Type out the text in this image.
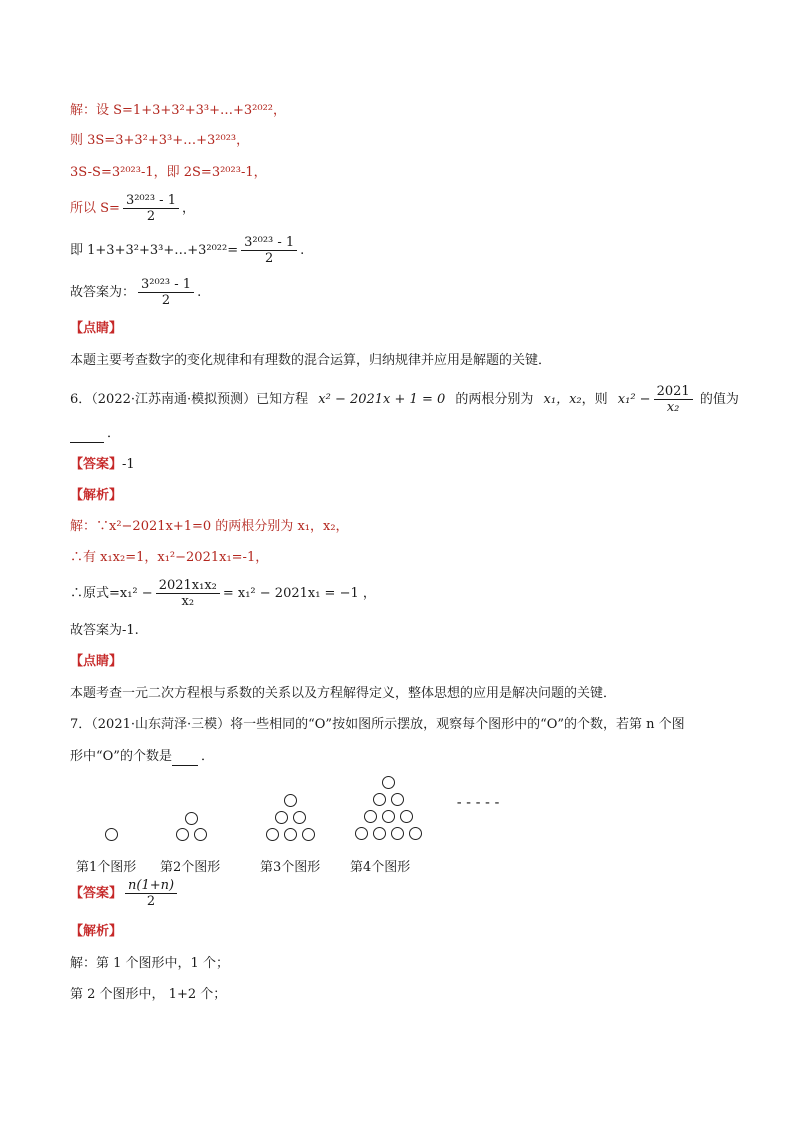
解：设 S=1+3+3²+3³+…+3²⁰²²，
则 3S=3+3²+3³+…+3²⁰²³，
3S-S=3²⁰²³-1，即 2S=3²⁰²³-1，
所以 $S= \frac{\text{3²⁰²³ - 1}}{2}$ ，
即 1+3+3²+3³+…+3²⁰²²= $\frac{\text{3²⁰²³ - 1}}{2}$ .
故答案为： $\frac{\text{3²⁰²³ - 1}}{2}$ .
【点睛】
本题主要考查数字的变化规律和有理数的混合运算，归纳规律并应用是解题的关键．
6．（2022·江苏南通·模拟预测）已知方程 x² − 2021x + 1 = 0 的两根分别为 x₁，x₂，则 $x_1^2 - \frac{2021}{\text{x₂}}$ 的值为
．
【答案】-1
【解析】
解：∵x²−2021x+1=0 的两根分别为 x₁，x₂，
∴有 x₁x₂=1，x₁²−2021x₁=-1，
∴原式$=x_1^2 - \frac{\text{2021x₁x₂}}{\text{x₂}} = x_1^2 - 2021x_1 = -1$ ，
故答案为-1.
【点睛】
本题考查一元二次方程根与系数的关系以及方程解得定义，整体思想的应用是解决问题的关键．
7．（2021·山东菏泽·三模）将一些相同的“O”按如图所示摆放，观察每个图形中的“O”的个数，若第 n 个图
形中“O”的个数是 ．
-----
第1个图形 第2个图形	第3个图形 第4个图形
【答案】 $\frac{n(1+n)}{2}$
【解析】
解：第 1 个图形中，1 个；
第 2 个图形中， 1+2 个；
